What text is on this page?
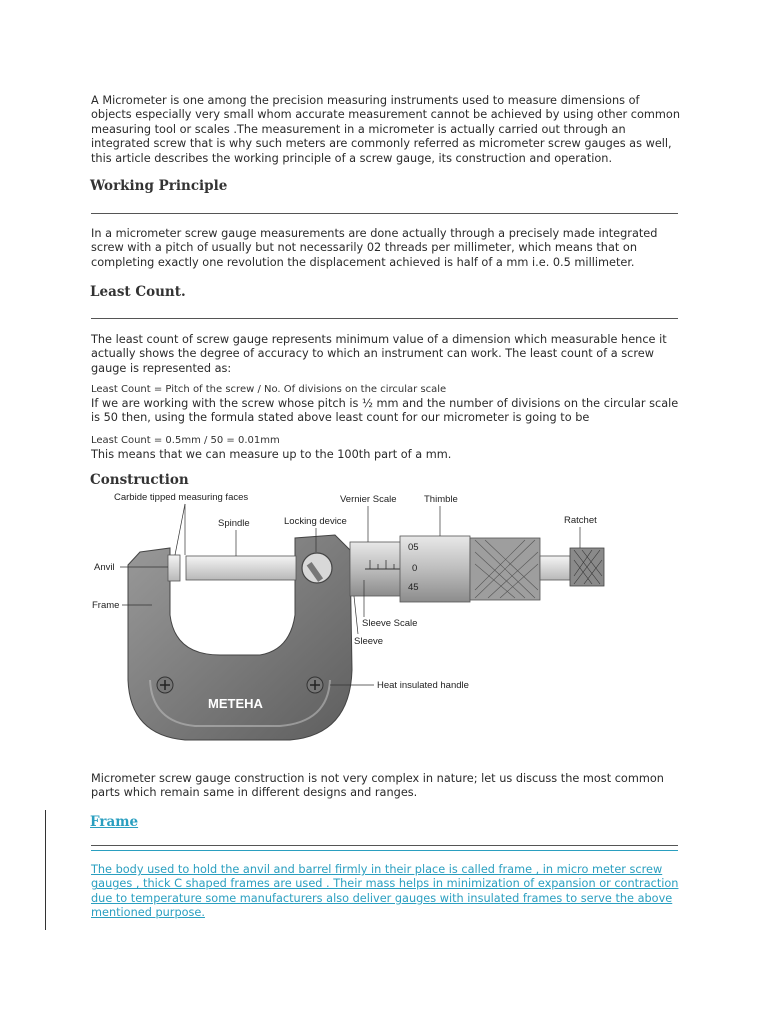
A Micrometer is one among the precision measuring instruments used to measure dimensions of objects especially very small whom accurate measurement cannot be achieved by using other common measuring tool or scales .The measurement in a micrometer is actually carried out through an integrated screw that is why such meters are commonly referred as micrometer screw gauges as well, this article describes the working principle of a screw gauge, its construction and operation.
Working Principle
In a micrometer screw gauge measurements are done actually through a precisely made integrated screw with a pitch of usually but not necessarily 02 threads per millimeter, which means that on completing exactly one revolution the displacement achieved is half of a mm i.e. 0.5 millimeter.
Least Count.
The least count of screw gauge represents minimum value of a dimension which measurable hence it actually shows the degree of accuracy to which an instrument can work. The least count of a screw gauge is represented as:
Least Count = Pitch of the screw / No. Of divisions on the circular scale
If we are working with the screw whose pitch is ½ mm and the number of divisions on the circular scale is 50 then, using the formula stated above least count for our micrometer is going to be
Least Count = 0.5mm / 50 = 0.01mm
This means that we can measure up to the 100th part of a mm.
Construction
05
0
45
METEHA
Carbide tipped measuring faces
Spindle	Locking device
Vernier Scale	Thimble
Ratchet
Anvil
Frame
Sleeve Scale
Sleeve
Heat insulated handle
Micrometer screw gauge construction is not very complex in nature; let us discuss the most common parts which remain same in different designs and ranges.
Frame
The body used to hold the anvil and barrel firmly in their place is called frame , in micro meter screw gauges , thick C shaped frames are used . Their mass helps in minimization of expansion or contraction due to temperature some manufacturers also deliver gauges with insulated frames to serve the above mentioned purpose.
